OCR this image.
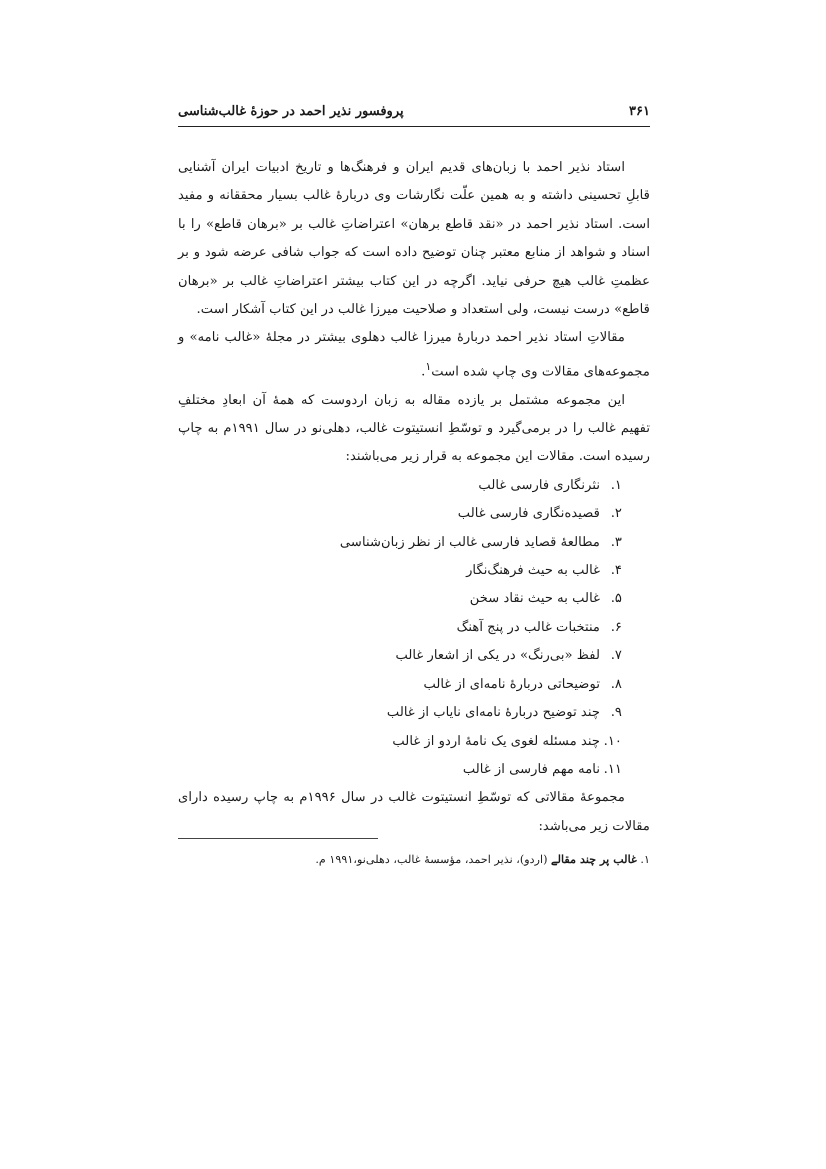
۳۶۱
پروفسور نذیر احمد در حوزۀ غالب‌شناسی

استاد نذیر احمد با زبان‌های قدیم ایران و فرهنگ‌ها و تاریخ ادبیات ایران آشنایی قابلِ تحسینی داشته و به همین علّت نگارشات وی دربارۀ غالب بسیار محققانه و مفید است. استاد نذیر احمد در «نقد قاطع برهان» اعتراضاتِ غالب بر «برهان قاطع» را با اسناد و شواهد از منابع معتبر چنان توضیح داده است که جواب شافی عرضه شود و بر عظمتِ غالب هیچ حرفی نیاید. اگرچه در این کتاب بیشتر اعتراضاتِ غالب بر «برهان قاطع» درست نیست، ولی استعداد و صلاحیت میرزا غالب در این کتاب آشکار است.

مقالاتِ استاد نذیر احمد دربارۀ میرزا غالب دهلوی بیشتر در مجلۀ «غالب نامه» و مجموعه‌های مقالات وی چاپ شده است$^۱$.

این مجموعه مشتمل بر یازده مقاله به زبان اردوست که همۀ آن ابعادِ مختلفِ تفهیم غالب را در برمی‌گیرد و توسّطِ انستیتوت غالب، دهلی‌نو در سال ۱۹۹۱م به چاپ رسیده است. مقالات این مجموعه به قرار زیر می‌باشند:

۱.نثرنگاری فارسی غالب
۲.قصیده‌نگاری فارسی غالب
۳.مطالعۀ قصاید فارسی غالب از نظر زبان‌شناسی
۴.غالب به حیث فرهنگ‌نگار
۵.غالب به حیث نقاد سخن
۶.منتخبات غالب در پنج آهنگ
۷.لفظ «بی‌رنگ» در یکی از اشعار غالب
۸.توضیحاتی دربارۀ نامه‌ای از غالب
۹.چند توضیح دربارۀ نامه‌ای نایاب از غالب
۱۰.چند مسئله لغوی یک نامۀ اردو از غالب
۱۱.نامه مهم فارسی از غالب

مجموعۀ مقالاتی که توسّطِ انستیتوت غالب در سال ۱۹۹۶م به چاپ رسیده دارای مقالات زیر می‌باشد:

۱. غالب پر چند مقالے (اردو)، نذیر احمد، مؤسسۀ غالب، دهلی‌نو،۱۹۹۱ م.
